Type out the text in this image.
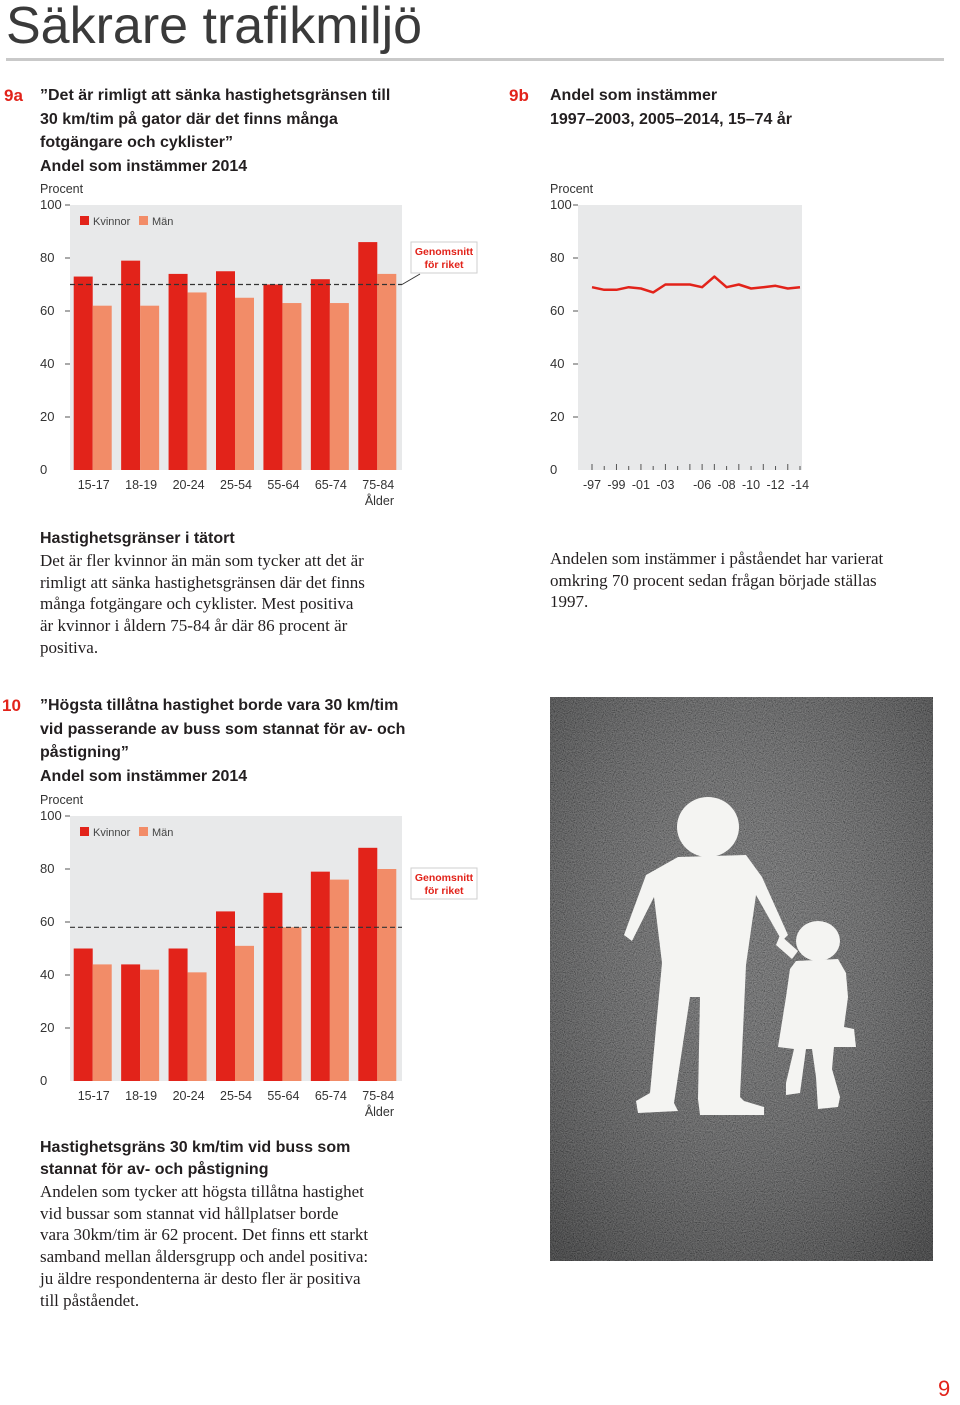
Säkrare trafikmiljö
9a ”Det är rimligt att sänka hastighetsgränsen till
30 km/tim på gator där det finns många
fotgängare och cyklister”
Andel som instämmer 2014
Procent
0
20
40
60
80
100
15-17 18-19 20-24 25-54 55-64 65-74 75-84
Ålder
Kvinnor Män
Genomsnitt
för riket
Hastighetsgränser i tätort
Det är fler kvinnor än män som tycker att det är
rimligt att sänka hastighetsgränsen där det finns
många fotgängare och cyklister. Mest positiva
är kvinnor i åldern 75-84 år där 86 procent är
positiva.
9b Andel som instämmer
1997–2003, 2005–2014, 15–74 år
Procent
0
20
40
60
80
100
-97 -99 -01 -03 -06 -08 -10 -12 -14
Andelen som instämmer i påståendet har varierat
omkring 70 procent sedan frågan började ställas
1997.
10 ”Högsta tillåtna hastighet borde vara 30 km/tim
vid passerande av buss som stannat för av- och
påstigning”
Andel som instämmer 2014
Procent
0
20
40
60
80
100
15-17 18-19 20-24 25-54 55-64 65-74 75-84
Ålder
Kvinnor Män
Genomsnitt
för riket
Hastighetsgräns 30 km/tim vid buss som
stannat för av- och påstigning
Andelen som tycker att högsta tillåtna hastighet
vid bussar som stannat vid hållplatser borde
vara 30km/tim är 62 procent. Det finns ett starkt
samband mellan åldersgrupp och andel positiva:
ju äldre respondenterna är desto fler är positiva
till påståendet.
9
